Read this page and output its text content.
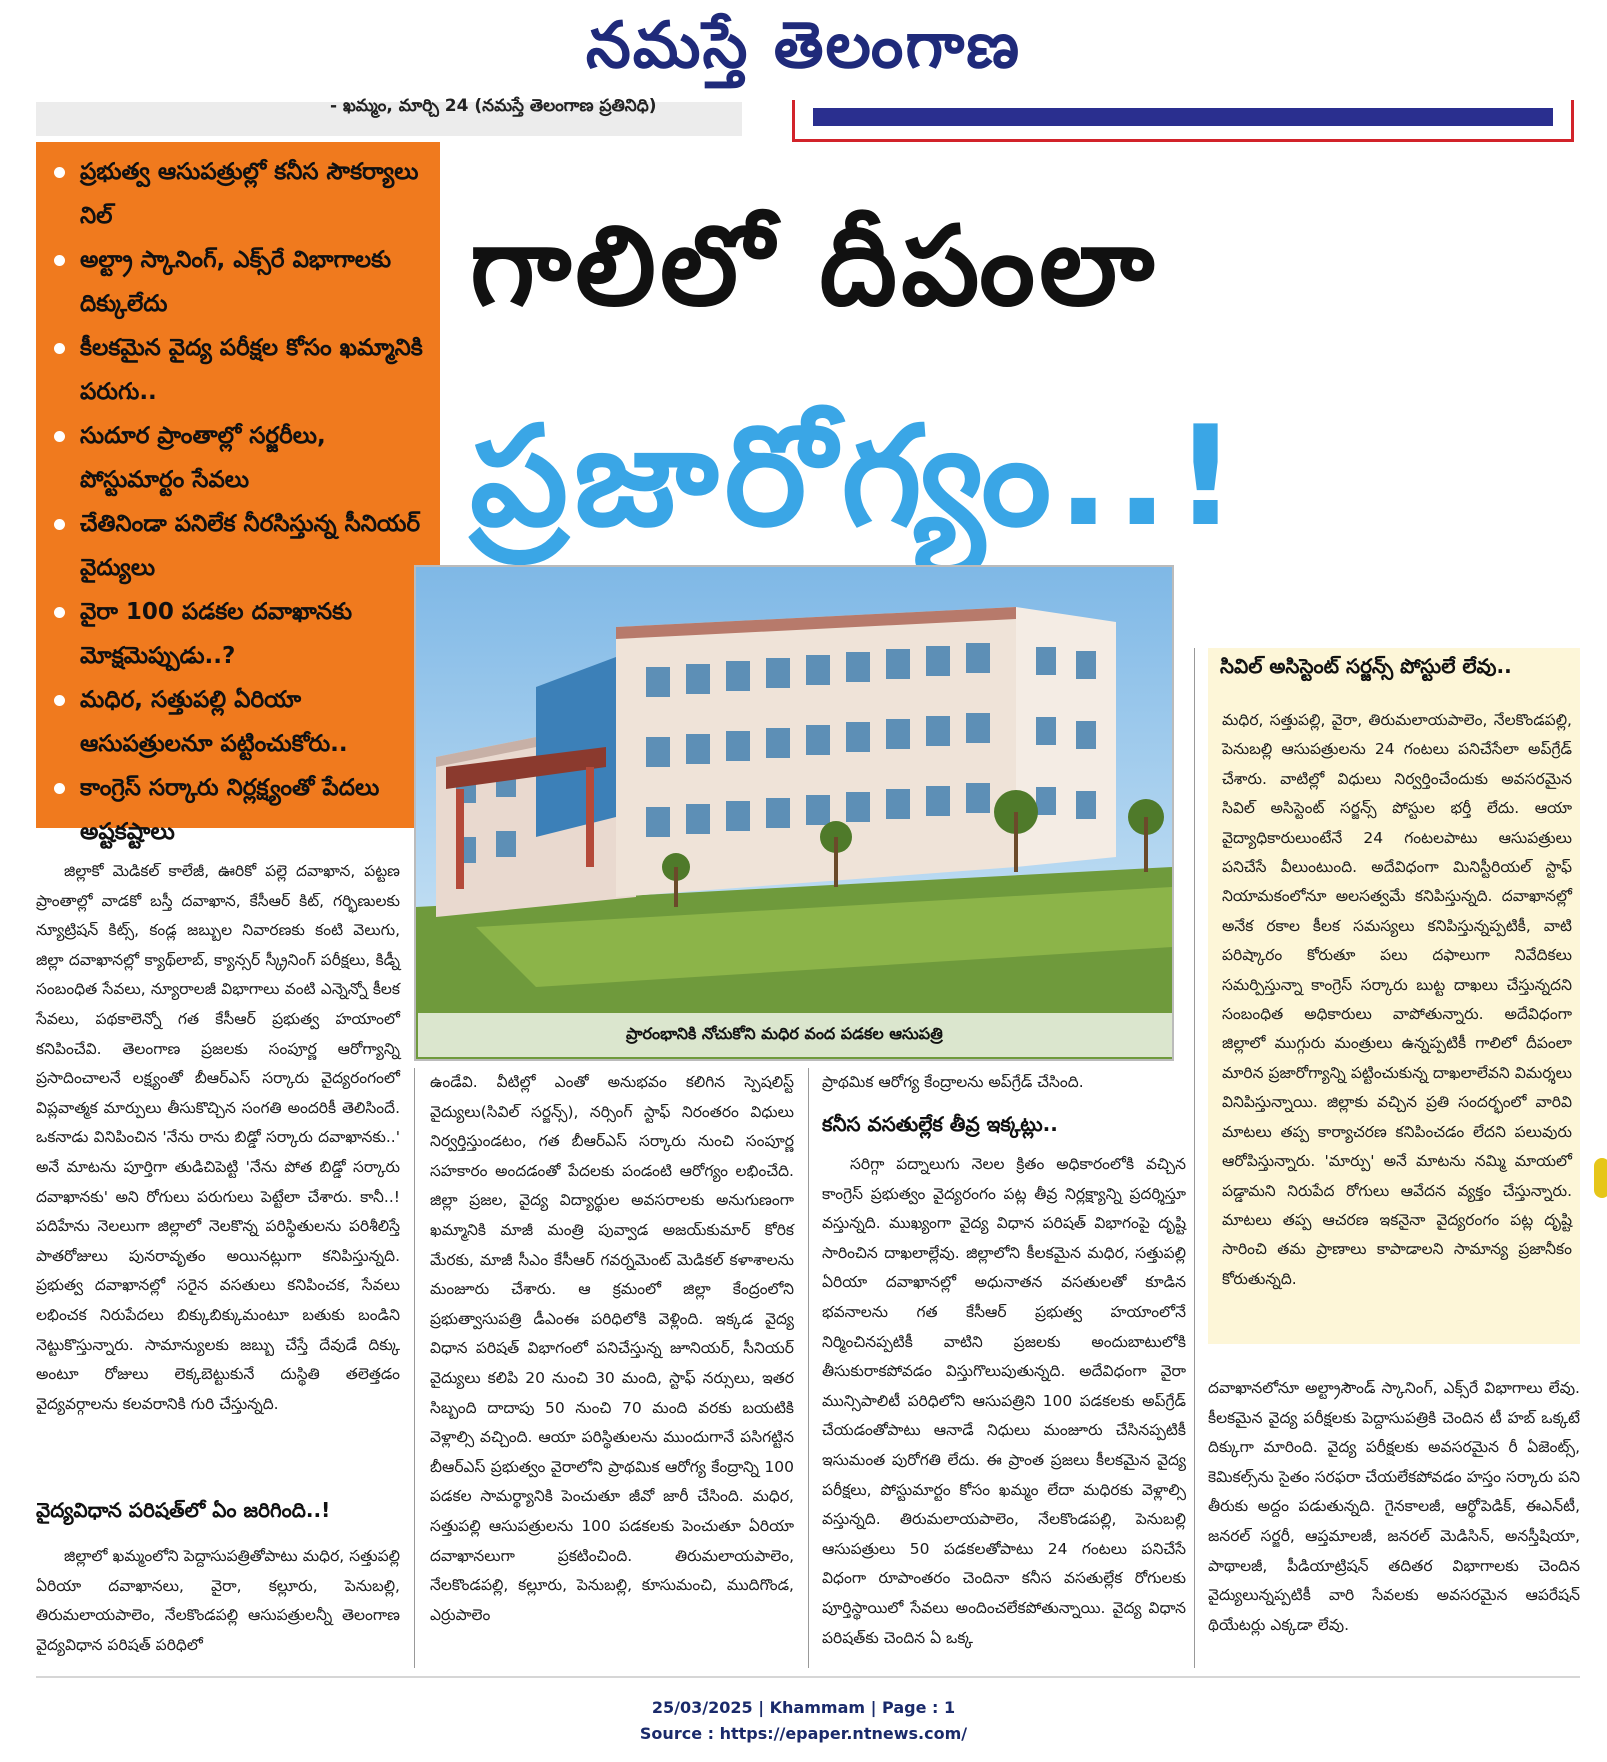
నమస్తే తెలంగాణ
- ఖమ్మం, మార్చి 24 (నమస్తే తెలంగాణ ప్రతినిధి)
ప్రభుత్వ ఆసుపత్రుల్లో కనీస సౌకర్యాలు నిల్
అల్ట్రా స్కానింగ్, ఎక్స్‌రే విభాగాలకు దిక్కులేదు
కీలకమైన వైద్య పరీక్షల కోసం ఖమ్మానికి పరుగు..
సుదూర ప్రాంతాల్లో సర్జరీలు, పోస్టుమార్టం సేవలు
చేతినిండా పనిలేక నీరసిస్తున్న సీనియర్ వైద్యులు
వైరా 100 పడకల దవాఖానకు మోక్షమెప్పుడు..?
మధిర, సత్తుపల్లి ఏరియా ఆసుపత్రులనూ పట్టించుకోరు..
కాంగ్రెస్ సర్కారు నిర్లక్ష్యంతో పేదలు అష్టకష్టాలు
గాలిలో దీపంలా
ప్రజారోగ్యం..!
ప్రారంభానికి నోచుకోని మధిర వంద పడకల ఆసుపత్రి
సివిల్ అసిస్టెంట్ సర్జన్స్ పోస్టులే లేవు..
మధిర, సత్తుపల్లి, వైరా, తిరుమలాయపాలెం, నేలకొండపల్లి, పెనుబల్లి ఆసుపత్రులను 24 గంటలు పనిచేసేలా అప్‌గ్రేడ్ చేశారు. వాటిల్లో విధులు నిర్వర్తించేందుకు అవసరమైన సివిల్ అసిస్టెంట్ సర్జన్స్ పోస్టుల భర్తీ లేదు. ఆయా వైద్యాధికారులుంటేనే 24 గంటలపాటు ఆసుపత్రులు పనిచేసే వీలుంటుంది. అదేవిధంగా మినిస్టీరియల్ స్టాఫ్ నియామకంలోనూ అలసత్వమే కనిపిస్తున్నది. దవాఖానల్లో అనేక రకాల కీలక సమస్యలు కనిపిస్తున్నప్పటికీ, వాటి పరిష్కారం కోరుతూ పలు దఫాలుగా నివేదికలు సమర్పిస్తున్నా కాంగ్రెస్ సర్కారు బుట్ట దాఖలు చేస్తున్నదని సంబంధిత అధికారులు వాపోతున్నారు. అదేవిధంగా జిల్లాలో ముగ్గురు మంత్రులు ఉన్నప్పటికీ గాలిలో దీపంలా మారిన ప్రజారోగ్యాన్ని పట్టించుకున్న దాఖలాలేవని విమర్శలు వినిపిస్తున్నాయి. జిల్లాకు వచ్చిన ప్రతి సందర్భంలో వారివి మాటలు తప్ప కార్యాచరణ కనిపించడం లేదని పలువురు ఆరోపిస్తున్నారు. 'మార్పు' అనే మాటను నమ్మి మాయలో పడ్డామని నిరుపేద రోగులు ఆవేదన వ్యక్తం చేస్తున్నారు. మాటలు తప్ప ఆచరణ ఇకనైనా వైద్యరంగం పట్ల దృష్టి సారించి తమ ప్రాణాలు కాపాడాలని సామాన్య ప్రజానీకం కోరుతున్నది.
జిల్లాకో మెడికల్ కాలేజీ, ఊరికో పల్లె దవాఖాన, పట్టణ ప్రాంతాల్లో వాడకో బస్తీ దవాఖాన, కేసీఆర్ కిట్, గర్భిణులకు న్యూట్రిషన్ కిట్స్, కండ్ల జబ్బుల నివారణకు కంటి వెలుగు, జిల్లా దవాఖానల్లో క్యాథ్‌లాబ్, క్యాన్సర్ స్క్రీనింగ్ పరీక్షలు, కిడ్నీ సంబంధిత సేవలు, న్యూరాలజీ విభాగాలు వంటి ఎన్నెన్నో కీలక సేవలు, పథకాలెన్నో గత కేసీఆర్ ప్రభుత్వ హయాంలో కనిపించేవి. తెలంగాణ ప్రజలకు సంపూర్ణ ఆరోగ్యాన్ని ప్రసాదించాలనే లక్ష్యంతో బీఆర్‌ఎస్ సర్కారు వైద్యరంగంలో విప్లవాత్మక మార్పులు తీసుకొచ్చిన సంగతి అందరికీ తెలిసిందే. ఒకనాడు వినిపించిన 'నేను రాను బిడ్డో సర్కారు దవాఖానకు..' అనే మాటను పూర్తిగా తుడిచిపెట్టి 'నేను పోత బిడ్డో సర్కారు దవాఖానకు' అని రోగులు పరుగులు పెట్టేలా చేశారు. కానీ..! పదిహేను నెలలుగా జిల్లాలో నెలకొన్న పరిస్థితులను పరిశీలిస్తే పాతరోజులు పునరావృతం అయినట్లుగా కనిపిస్తున్నది. ప్రభుత్వ దవాఖానల్లో సరైన వసతులు కనిపించక, సేవలు లభించక నిరుపేదలు బిక్కుబిక్కుమంటూ బతుకు బండిని నెట్టుకొస్తున్నారు. సామాన్యులకు జబ్బు చేస్తే దేవుడే దిక్కు అంటూ రోజులు లెక్కబెట్టుకునే దుస్థితి తలెత్తడం వైద్యవర్గాలను కలవరానికి గురి చేస్తున్నది.
వైద్యవిధాన పరిషత్‌లో ఏం జరిగింది..!
జిల్లాలో ఖమ్మంలోని పెద్దాసుపత్రితోపాటు మధిర, సత్తుపల్లి ఏరియా దవాఖానలు, వైరా, కల్లూరు, పెనుబల్లి, తిరుమలాయపాలెం, నేలకొండపల్లి ఆసుపత్రులన్నీ తెలంగాణ వైద్యవిధాన పరిషత్ పరిధిలో
ఉండేవి. వీటిల్లో ఎంతో అనుభవం కలిగిన స్పెషలిస్ట్ వైద్యులు(సివిల్ సర్జన్స్), నర్సింగ్ స్టాఫ్ నిరంతరం విధులు నిర్వర్తిస్తుండటం, గత బీఆర్‌ఎస్ సర్కారు నుంచి సంపూర్ణ సహకారం అందడంతో పేదలకు పండంటి ఆరోగ్యం లభించేది. జిల్లా ప్రజల, వైద్య విద్యార్థుల అవసరాలకు అనుగుణంగా ఖమ్మానికి మాజీ మంత్రి పువ్వాడ అజయ్‌కుమార్ కోరిక మేరకు, మాజీ సీఎం కేసీఆర్ గవర్నమెంట్ మెడికల్ కళాశాలను మంజూరు చేశారు. ఆ క్రమంలో జిల్లా కేంద్రంలోని ప్రభుత్వాసుపత్రి డీఎంఈ పరిధిలోకి వెళ్లింది. ఇక్కడ వైద్య విధాన పరిషత్ విభాగంలో పనిచేస్తున్న జూనియర్, సీనియర్ వైద్యులు కలిపి 20 నుంచి 30 మంది, స్టాఫ్ నర్సులు, ఇతర సిబ్బంది దాదాపు 50 నుంచి 70 మంది వరకు బయటికి వెళ్లాల్సి వచ్చింది. ఆయా పరిస్థితులను ముందుగానే పసిగట్టిన బీఆర్‌ఎస్ ప్రభుత్వం వైరాలోని ప్రాథమిక ఆరోగ్య కేంద్రాన్ని 100 పడకల సామర్థ్యానికి పెంచుతూ జీవో జారీ చేసింది. మధిర, సత్తుపల్లి ఆసుపత్రులను 100 పడకలకు పెంచుతూ ఏరియా దవాఖానలుగా ప్రకటించింది. తిరుమలాయపాలెం, నేలకొండపల్లి, కల్లూరు, పెనుబల్లి, కూసుమంచి, ముదిగొండ, ఎర్రుపాలెం
ప్రాథమిక ఆరోగ్య కేంద్రాలను అప్‌గ్రేడ్ చేసింది.
కనీస వసతుల్లేక తీవ్ర ఇక్కట్లు..
సరిగ్గా పద్నాలుగు నెలల క్రితం అధికారంలోకి వచ్చిన కాంగ్రెస్ ప్రభుత్వం వైద్యరంగం పట్ల తీవ్ర నిర్లక్ష్యాన్ని ప్రదర్శిస్తూ వస్తున్నది. ముఖ్యంగా వైద్య విధాన పరిషత్ విభాగంపై దృష్టి సారించిన దాఖలాల్లేవు. జిల్లాలోని కీలకమైన మధిర, సత్తుపల్లి ఏరియా దవాఖానల్లో అధునాతన వసతులతో కూడిన భవనాలను గత కేసీఆర్ ప్రభుత్వ హయాంలోనే నిర్మించినప్పటికీ వాటిని ప్రజలకు అందుబాటులోకి తీసుకురాకపోవడం విస్తుగొలుపుతున్నది. అదేవిధంగా వైరా మున్సిపాలిటీ పరిధిలోని ఆసుపత్రిని 100 పడకలకు అప్‌గ్రేడ్ చేయడంతోపాటు ఆనాడే నిధులు మంజూరు చేసినప్పటికీ ఇసుమంత పురోగతి లేదు. ఈ ప్రాంత ప్రజలు కీలకమైన వైద్య పరీక్షలు, పోస్టుమార్టం కోసం ఖమ్మం లేదా మధిరకు వెళ్లాల్సి వస్తున్నది. తిరుమలాయపాలెం, నేలకొండపల్లి, పెనుబల్లి ఆసుపత్రులు 50 పడకలతోపాటు 24 గంటలు పనిచేసే విధంగా రూపాంతరం చెందినా కనీస వసతుల్లేక రోగులకు పూర్తిస్థాయిలో సేవలు అందించలేకపోతున్నాయి. వైద్య విధాన పరిషత్‌కు చెందిన ఏ ఒక్క
దవాఖానలోనూ అల్ట్రాసౌండ్ స్కానింగ్, ఎక్స్‌రే విభాగాలు లేవు. కీలకమైన వైద్య పరీక్షలకు పెద్దాసుపత్రికి చెందిన టీ హబ్ ఒక్కటే దిక్కుగా మారింది. వైద్య పరీక్షలకు అవసరమైన రీ ఏజెంట్స్, కెమికల్స్‌ను సైతం సరఫరా చేయలేకపోవడం హస్తం సర్కారు పని తీరుకు అద్దం పడుతున్నది. గైనకాలజీ, ఆర్థోపెడిక్, ఈఎన్‌టీ, జనరల్ సర్జరీ, ఆప్తమాలజీ, జనరల్ మెడిసిన్, అనస్తీషియా, పాథాలజీ, పీడియాట్రిషన్ తదితర విభాగాలకు చెందిన వైద్యులున్నప్పటికీ వారి సేవలకు అవసరమైన ఆపరేషన్ థియేటర్లు ఎక్కడా లేవు.
25/03/2025 | Khammam | Page : 1
Source : https://epaper.ntnews.com/
